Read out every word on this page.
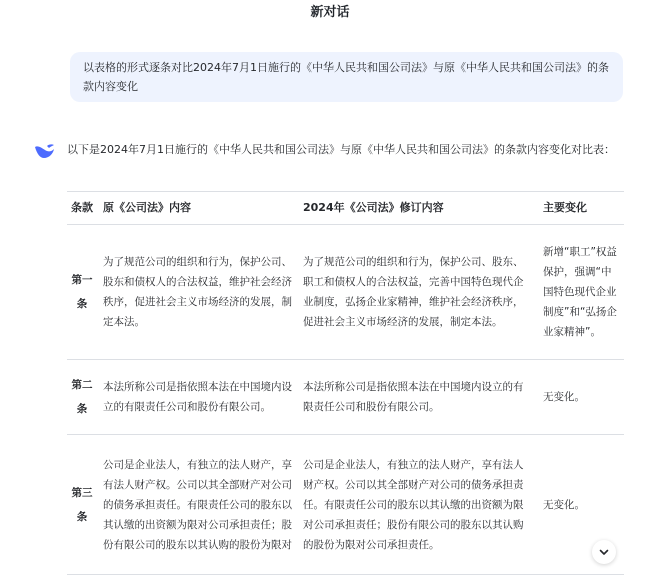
新对话
以表格的形式逐条对比2024年7月1日施行的《中华人民共和国公司法》与原《中华人民共和国公司法》的条款内容变化
以下是2024年7月1日施行的《中华人民共和国公司法》与原《中华人民共和国公司法》的条款内容变化对比表：
条款	原《公司法》内容	2024年《公司法》修订内容	主要变化
第一条	为了规范公司的组织和行为，保护公司、股东和债权人的合法权益，维护社会经济秩序，促进社会主义市场经济的发展，制定本法。	为了规范公司的组织和行为，保护公司、股东、职工和债权人的合法权益，完善中国特色现代企业制度，弘扬企业家精神，维护社会经济秩序，促进社会主义市场经济的发展，制定本法。	新增“职工”权益保护，强调“中国特色现代企业制度”和“弘扬企业家精神”。
第二条	本法所称公司是指依照本法在中国境内设立的有限责任公司和股份有限公司。	本法所称公司是指依照本法在中国境内设立的有限责任公司和股份有限公司。	无变化。
第三条	公司是企业法人，有独立的法人财产，享有法人财产权。公司以其全部财产对公司的债务承担责任。有限责任公司的股东以其认缴的出资额为限对公司承担责任；股份有限公司的股东以其认购的股份为限对	公司是企业法人，有独立的法人财产，享有法人财产权。公司以其全部财产对公司的债务承担责任。有限责任公司的股东以其认缴的出资额为限对公司承担责任；股份有限公司的股东以其认购的股份为限对公司承担责任。	无变化。
